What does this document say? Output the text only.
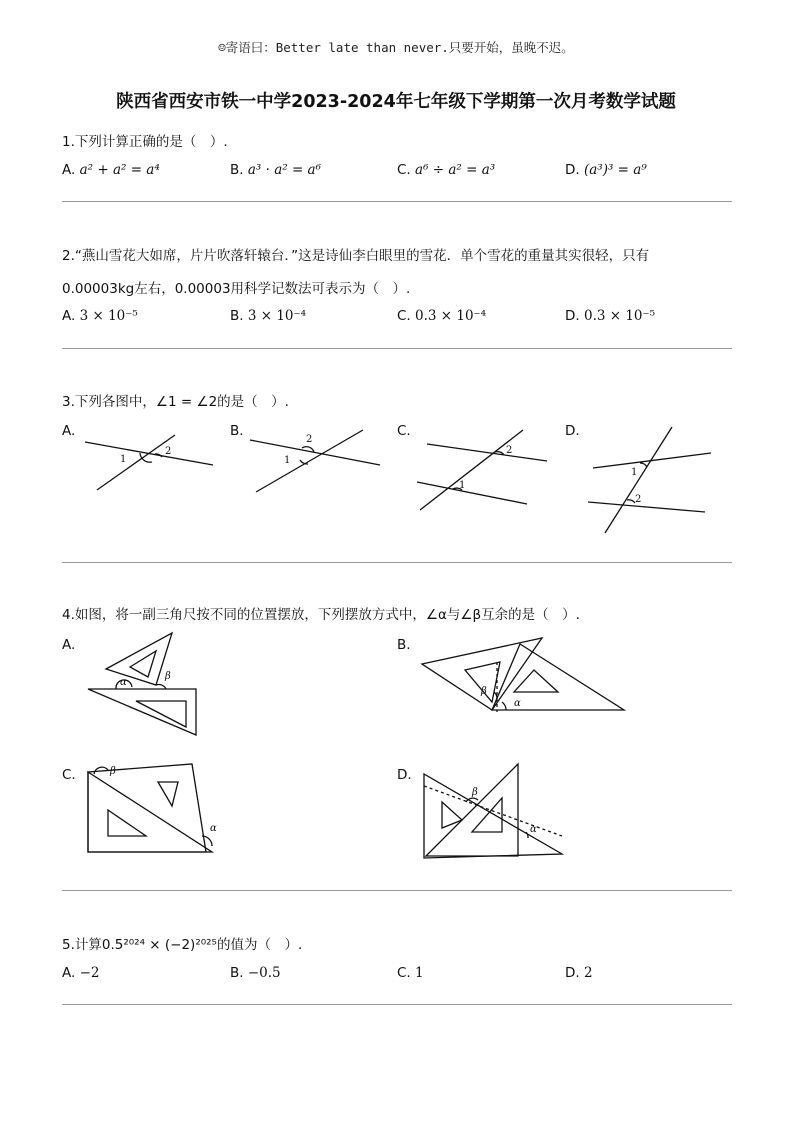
☺寄语曰：Better late than never.只要开始，虽晚不迟。
陕西省西安市铁一中学2023-2024年七年级下学期第一次月考数学试题
1.下列计算正确的是（　）.
A. a² + a² = a⁴	B. a³ · a² = a⁶	C. a⁶ ÷ a² = a³	D. (a³)³ = a⁹
2.“燕山雪花大如席，片片吹落轩辕台．”这是诗仙李白眼里的雪花．单个雪花的重量其实很轻，只有
0.00003kg左右，0.00003用科学记数法可表示为（　）.
A. 3 × 10⁻⁵	B. 3 × 10⁻⁴	C. 0.3 × 10⁻⁴	D. 0.3 × 10⁻⁵
3.下列各图中，∠1 = ∠2的是（　）.
A.	B.	C.	D.
1
2
1
2
2
1
1
2
4.如图，将一副三角尺按不同的位置摆放，下列摆放方式中，∠α与∠β互余的是（　）.
A.	B.
C.	D.
α
β
β
α
β
α
β
α
5.计算0.5²⁰²⁴ × (−2)²⁰²⁵的值为（　）.
A. −2	B. −0.5	C. 1	D. 2
